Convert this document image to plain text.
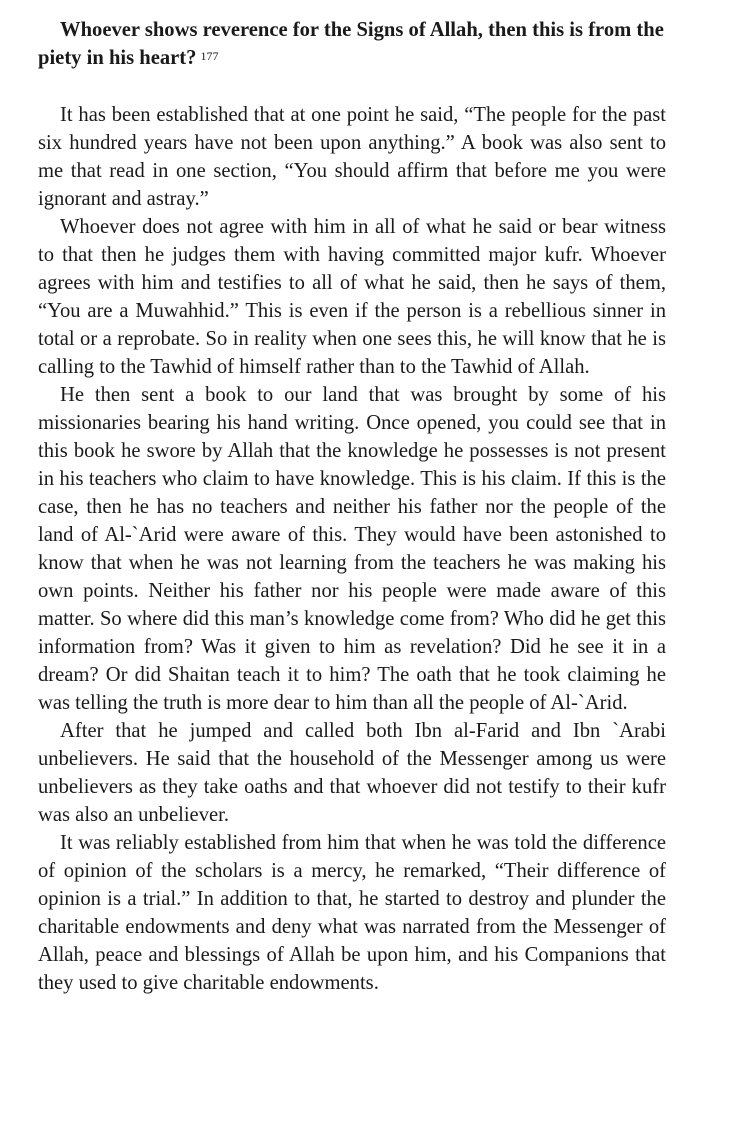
Whoever shows reverence for the Signs of Allah, then this is from the piety in his heart? $^{177}$

It has been established that at one point he said, “The people for the past six hundred years have not been upon anything.” A book was also sent to me that read in one section, “You should affirm that before me you were ignorant and astray.”

Whoever does not agree with him in all of what he said or bear witness to that then he judges them with having committed major kufr. Whoever agrees with him and testifies to all of what he said, then he says of them, “You are a Muwahhid.” This is even if the person is a rebellious sinner in total or a reprobate. So in reality when one sees this, he will know that he is calling to the Tawhid of himself rather than to the Tawhid of Allah.

He then sent a book to our land that was brought by some of his missionaries bearing his hand writing. Once opened, you could see that in this book he swore by Allah that the knowledge he possesses is not present in his teachers who claim to have knowledge. This is his claim. If this is the case, then he has no teachers and neither his father nor the people of the land of Al-`Arid were aware of this. They would have been astonished to know that when he was not learning from the teachers he was making his own points. Neither his father nor his people were made aware of this matter. So where did this man’s knowledge come from? Who did he get this information from? Was it given to him as revelation? Did he see it in a dream? Or did Shaitan teach it to him? The oath that he took claiming he was telling the truth is more dear to him than all the people of Al-`Arid.

After that he jumped and called both Ibn al-Farid and Ibn `Arabi unbelievers. He said that the household of the Messenger among us were unbelievers as they take oaths and that whoever did not testify to their kufr was also an unbeliever.

It was reliably established from him that when he was told the difference of opinion of the scholars is a mercy, he remarked, “Their difference of opinion is a trial.” In addition to that, he started to destroy and plunder the charitable endowments and deny what was narrated from the Messenger of Allah, peace and blessings of Allah be upon him, and his Companions that they used to give charitable endowments.
